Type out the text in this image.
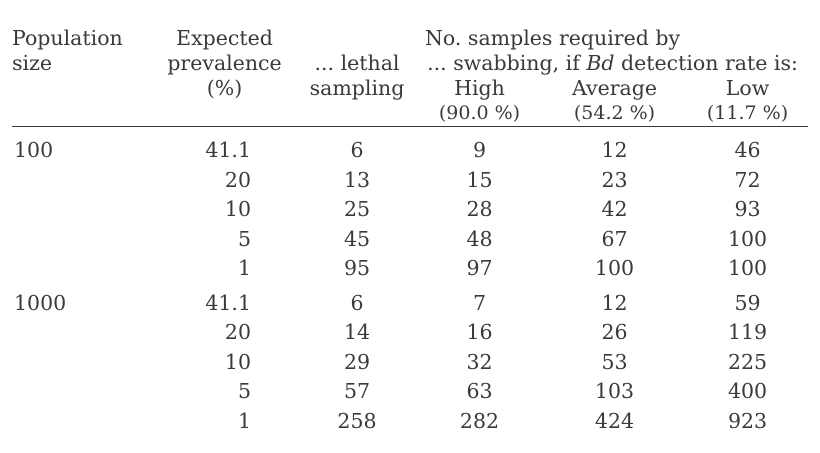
Population	Expected	No. samples required by			
size	prevalence	... lethal	... swabbing, if Bd detection rate is:		
	(%)	sampling	High	Average	Low
			(90.0 %)	(54.2 %)	(11.7 %)

100	41.1	6	9	12	46
	20	13	15	23	72
	10	25	28	42	93
	5	45	48	67	100
	1	95	97	100	100

1000	41.1	6	7	12	59
	20	14	16	26	119
	10	29	32	53	225
	5	57	63	103	400
	1	258	282	424	923
